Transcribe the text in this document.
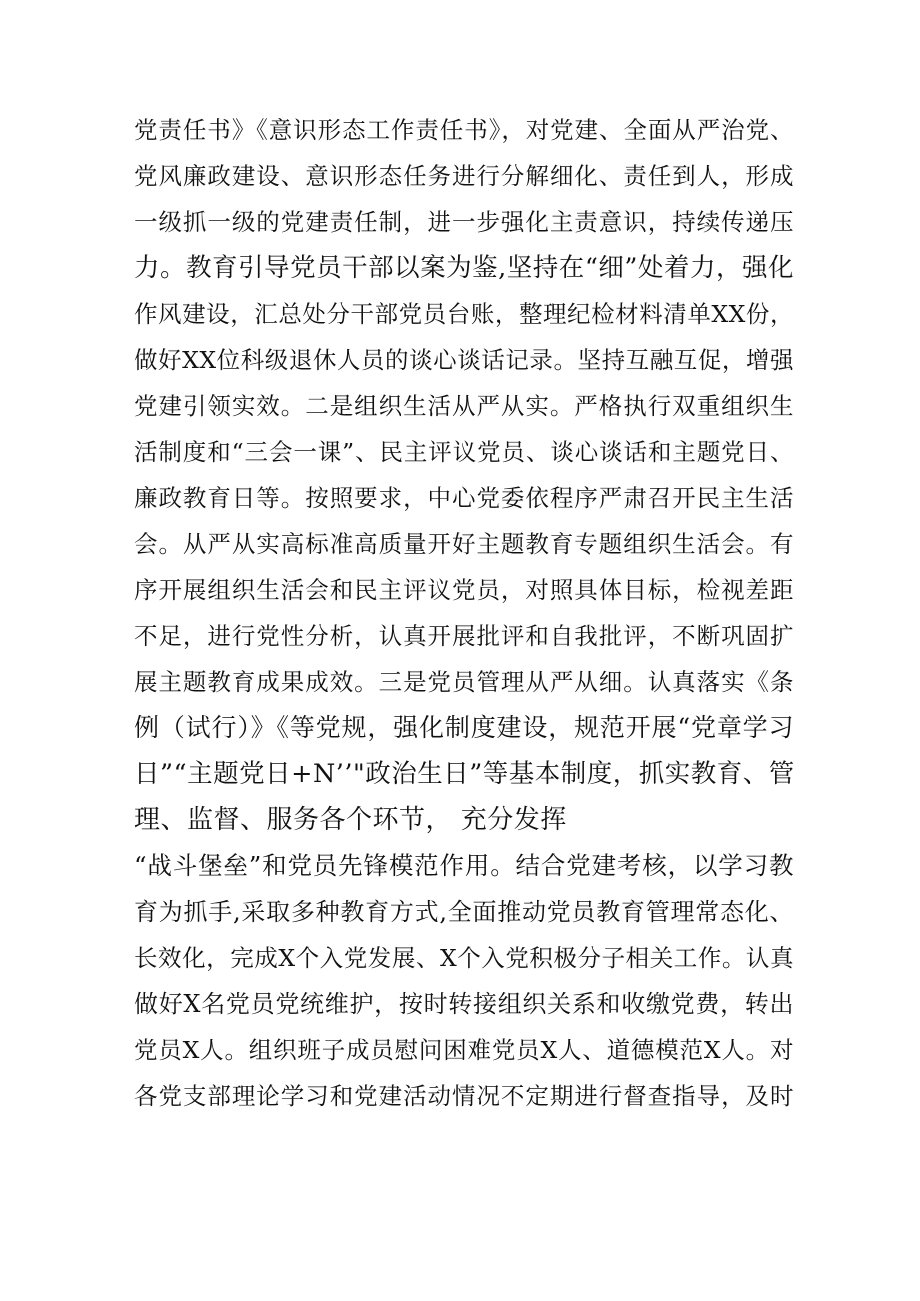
党责任书》《意识形态工作责任书》，对党建、全面从严治党、
党风廉政建设、意识形态任务进行分解细化、责任到人，形成
一级抓一级的党建责任制，进一步强化主责意识，持续传递压
力。教育引导党员干部以案为鉴,坚持在“细”处着力，强化
作风建设，汇总处分干部党员台账，整理纪检材料清单XX份，
做好XX位科级退休人员的谈心谈话记录。坚持互融互促，增强
党建引领实效。二是组织生活从严从实。严格执行双重组织生
活制度和“三会一课”、民主评议党员、谈心谈话和主题党日、
廉政教育日等。按照要求，中心党委依程序严肃召开民主生活
会。从严从实高标准高质量开好主题教育专题组织生活会。有
序开展组织生活会和民主评议党员，对照具体目标，检视差距
不足，进行党性分析，认真开展批评和自我批评，不断巩固扩
展主题教育成果成效。三是党员管理从严从细。认真落实《条
例（试行）》《等党规，强化制度建设，规范开展“党章学习
日”“主题党日+N’’"政治生日”等基本制度，抓实教育、管
理、监督、服务各个环节， 充分发挥
“战斗堡垒”和党员先锋模范作用。结合党建考核，以学习教
育为抓手,采取多种教育方式,全面推动党员教育管理常态化、
长效化，完成X个入党发展、X个入党积极分子相关工作。认真
做好X名党员党统维护，按时转接组织关系和收缴党费，转出
党员X人。组织班子成员慰问困难党员X人、道德模范X人。对
各党支部理论学习和党建活动情况不定期进行督查指导，及时
